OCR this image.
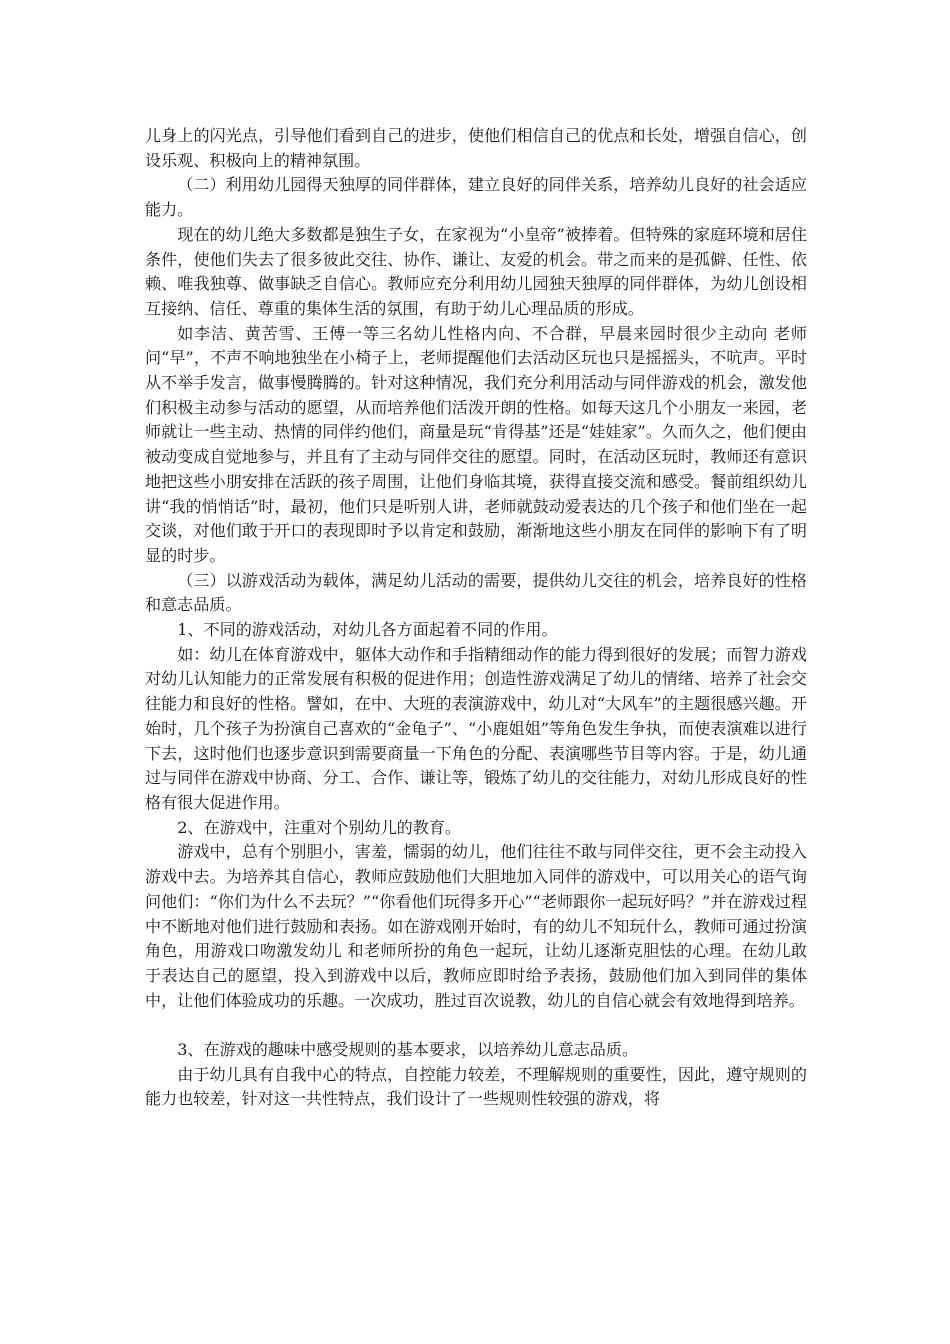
儿身上的闪光点，引导他们看到自己的进步，使他们相信自己的优点和长处，增强自信心，创设乐观、积极向上的精神氛围。

（二）利用幼儿园得天独厚的同伴群体，建立良好的同伴关系，培养幼儿良好的社会适应能力。

现在的幼儿绝大多数都是独生子女，在家视为“小皇帝”被捧着。但特殊的家庭环境和居住条件，使他们失去了很多彼此交往、协作、谦让、友爱的机会。带之而来的是孤僻、任性、依赖、唯我独尊、做事缺乏自信心。教师应充分利用幼儿园独天独厚的同伴群体，为幼儿创设相互接纳、信任、尊重的集体生活的氛围，有助于幼儿心理品质的形成。

如李洁、黄苦雪、王傅一等三名幼儿性格内向、不合群，早晨来园时很少主动向 老师问“早”，不声不响地独坐在小椅子上，老师提醒他们去活动区玩也只是摇摇头，不吭声。平时从不举手发言，做事慢腾腾的。针对这种情况，我们充分利用活动与同伴游戏的机会，激发他们积极主动参与活动的愿望，从而培养他们活泼开朗的性格。如每天这几个小朋友一来园，老师就让一些主动、热情的同伴约他们，商量是玩“肯得基”还是“娃娃家”。久而久之，他们便由被动变成自觉地参与，并且有了主动与同伴交往的愿望。同时，在活动区玩时，教师还有意识地把这些小朋安排在活跃的孩子周围，让他们身临其境，获得直接交流和感受。餐前组织幼儿讲“我的悄悄话”时，最初，他们只是听别人讲，老师就鼓动爱表达的几个孩子和他们坐在一起交谈，对他们敢于开口的表现即时予以肯定和鼓励，渐渐地这些小朋友在同伴的影响下有了明显的时步。

（三）以游戏活动为载体，满足幼儿活动的需要，提供幼儿交往的机会，培养良好的性格和意志品质。

1、不同的游戏活动，对幼儿各方面起着不同的作用。

如：幼儿在体育游戏中，躯体大动作和手指精细动作的能力得到很好的发展；而智力游戏对幼儿认知能力的正常发展有积极的促进作用；创造性游戏满足了幼儿的情绪、培养了社会交往能力和良好的性格。譬如，在中、大班的表演游戏中，幼儿对“大风车”的主题很感兴趣。开始时，几个孩子为扮演自己喜欢的“金龟子”、“小鹿姐姐”等角色发生争执，而使表演难以进行下去，这时他们也逐步意识到需要商量一下角色的分配、表演哪些节目等内容。于是，幼儿通过与同伴在游戏中协商、分工、合作、谦让等，锻炼了幼儿的交往能力，对幼儿形成良好的性格有很大促进作用。

2、在游戏中，注重对个别幼儿的教育。

游戏中，总有个别胆小，害羞，懦弱的幼儿，他们往往不敢与同伴交往，更不会主动投入游戏中去。为培养其自信心，教师应鼓励他们大胆地加入同伴的游戏中，可以用关心的语气询问他们：“你们为什么不去玩？”“你看他们玩得多开心”“老师跟你一起玩好吗？”并在游戏过程中不断地对他们进行鼓励和表扬。如在游戏刚开始时，有的幼儿不知玩什么，教师可通过扮演角色，用游戏口吻激发幼儿 和老师所扮的角色一起玩，让幼儿逐渐克胆怯的心理。在幼儿敢于表达自己的愿望，投入到游戏中以后，教师应即时给予表扬，鼓励他们加入到同伴的集体中，让他们体验成功的乐趣。一次成功，胜过百次说教，幼儿的自信心就会有效地得到培养。

3、在游戏的趣味中感受规则的基本要求，以培养幼儿意志品质。

由于幼儿具有自我中心的特点，自控能力较差，不理解规则的重要性，因此，遵守规则的能力也较差，针对这一共性特点，我们设计了一些规则性较强的游戏，将
